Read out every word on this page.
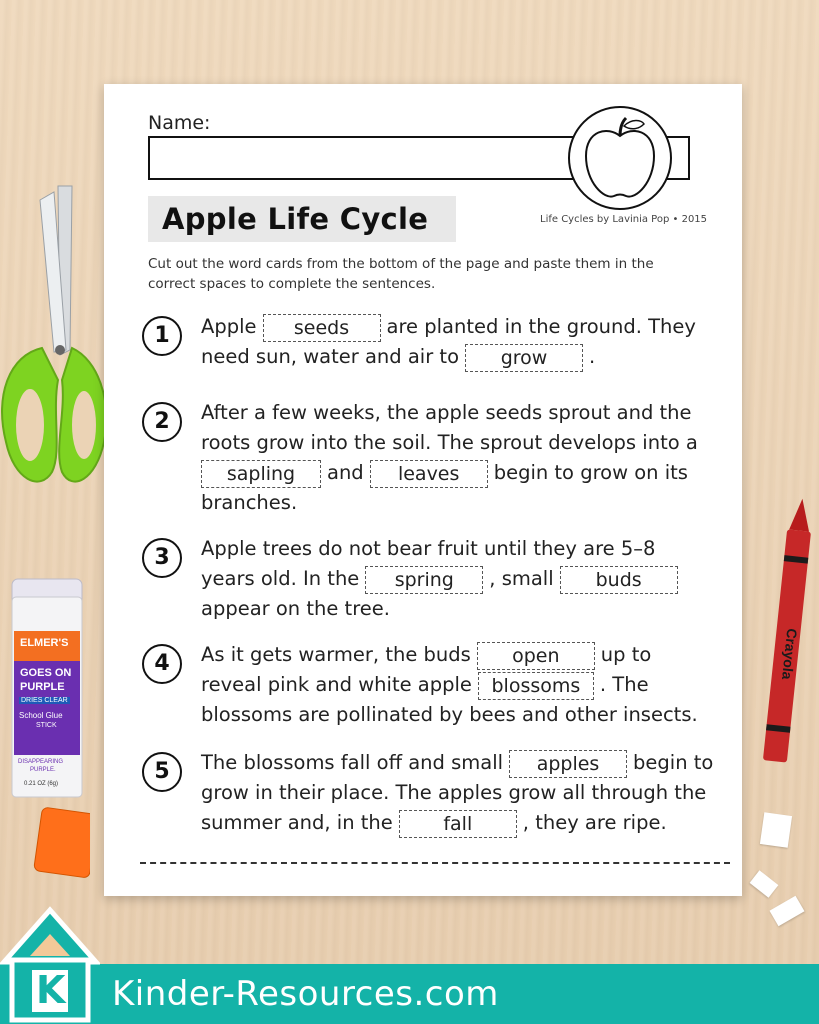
ELMER'S
GOES ON
PURPLE
DRIES CLEAR
School Glue
STICK
DISAPPEARING
PURPLE.
0.21 OZ (6g)
Crayola
Name:
Apple Life Cycle	Life Cycles by Lavinia Pop • 2015
Cut out the word cards from the bottom of the page and paste them in the correct spaces to complete the sentences.
1	Apple seeds are planted in the ground. They
need sun, water and air to grow .
2	After a few weeks, the apple seeds sprout and the
roots grow into the soil. The sprout develops into a
sapling and leaves begin to grow on its
branches.
3	Apple trees do not bear fruit until they are 5–8
years old. In the spring , small buds
appear on the tree.
4	As it gets warmer, the buds open up to
reveal pink and white apple blossoms . The
blossoms are pollinated by bees and other insects.
5	The blossoms fall off and small apples begin to
grow in their place. The apples grow all through the
summer and, in the	fall	, they are ripe.
Kinder-Resources.com
K
